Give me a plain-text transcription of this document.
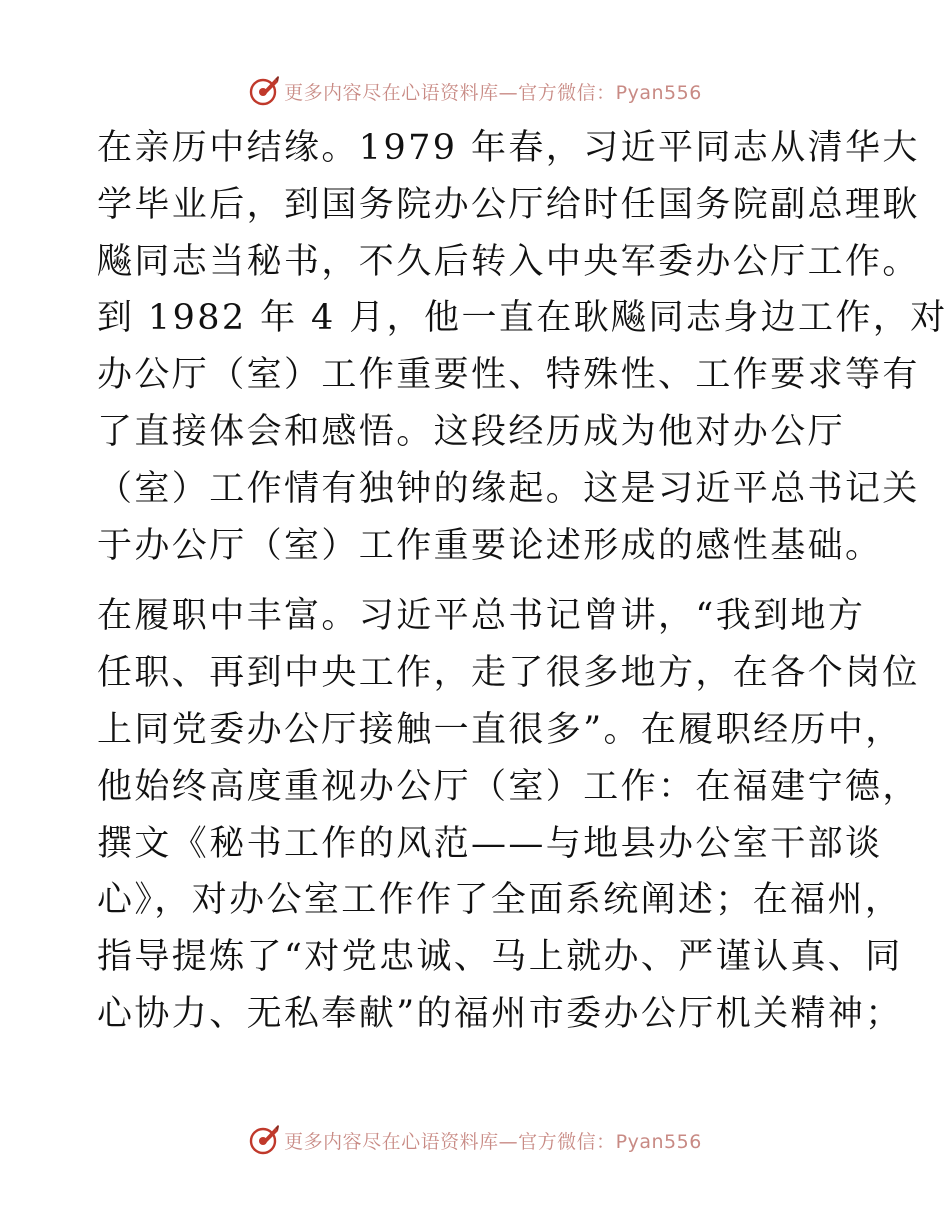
更多内容尽在心语资料库—官方微信：Pyan556

在亲历中结缘。1979 年春，习近平同志从清华大
学毕业后，到国务院办公厅给时任国务院副总理耿
飚同志当秘书，不久后转入中央军委办公厅工作。
到 1982 年 4 月，他一直在耿飚同志身边工作，对
办公厅（室）工作重要性、特殊性、工作要求等有
了直接体会和感悟。这段经历成为他对办公厅
（室）工作情有独钟的缘起。这是习近平总书记关
于办公厅（室）工作重要论述形成的感性基础。

在履职中丰富。习近平总书记曾讲，“我到地方
任职、再到中央工作，走了很多地方，在各个岗位
上同党委办公厅接触一直很多”。在履职经历中，
他始终高度重视办公厅（室）工作：在福建宁德，
撰文《秘书工作的风范——与地县办公室干部谈
心》，对办公室工作作了全面系统阐述；在福州，
指导提炼了“对党忠诚、马上就办、严谨认真、同
心协力、无私奉献”的福州市委办公厅机关精神；

更多内容尽在心语资料库—官方微信：Pyan556
